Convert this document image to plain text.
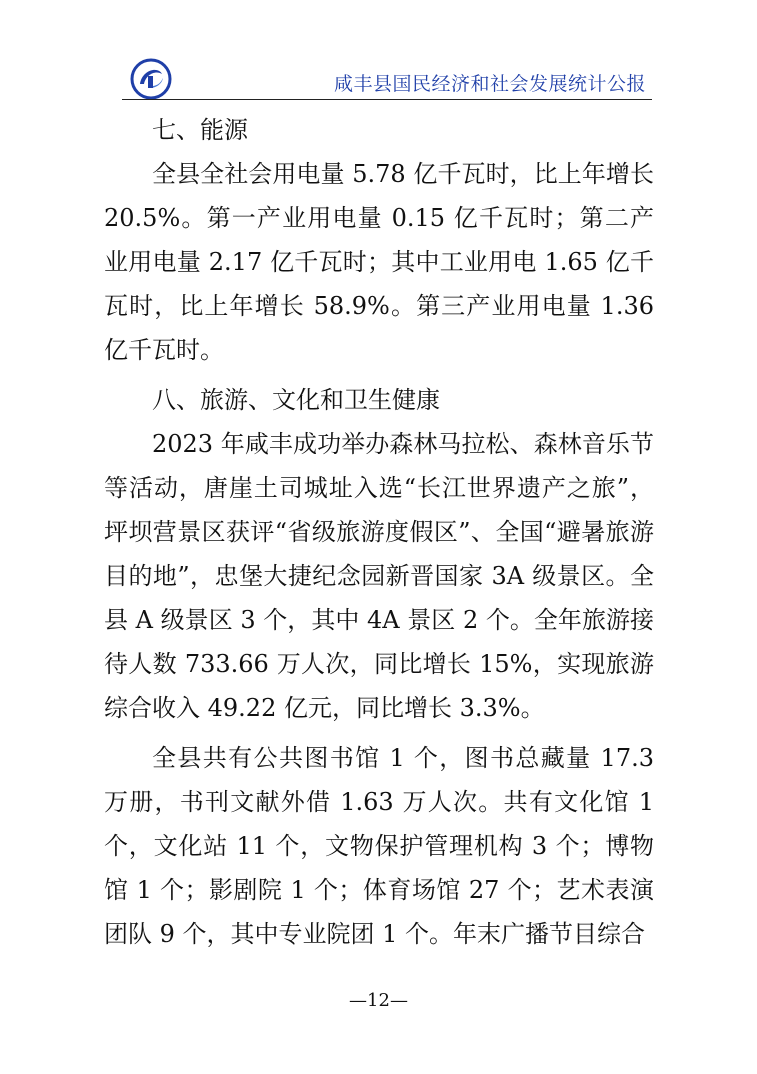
咸丰县国民经济和社会发展统计公报
七、能源

全县全社会用电量 5.78 亿千瓦时，比上年增长 20.5%。第一产业用电量 0.15 亿千瓦时；第二产业用电量 2.17 亿千瓦时；其中工业用电 1.65 亿千瓦时，比上年增长 58.9%。第三产业用电量 1.36 亿千瓦时。

八、旅游、文化和卫生健康

2023 年咸丰成功举办森林马拉松、森林音乐节等活动，唐崖土司城址入选“长江世界遗产之旅”，坪坝营景区获评“省级旅游度假区”、全国“避暑旅游目的地”，忠堡大捷纪念园新晋国家 3A 级景区。全县 A 级景区 3 个，其中 4A 景区 2 个。全年旅游接待人数 733.66 万人次，同比增长 15%，实现旅游综合收入 49.22 亿元，同比增长 3.3%。

全县共有公共图书馆 1 个，图书总藏量 17.3 万册，书刊文献外借 1.63 万人次。共有文化馆 1 个，文化站 11 个，文物保护管理机构 3 个；博物馆 1 个；影剧院 1 个；体育场馆 27 个；艺术表演团队 9 个，其中专业院团 1 个。年末广播节目综合

—12—
